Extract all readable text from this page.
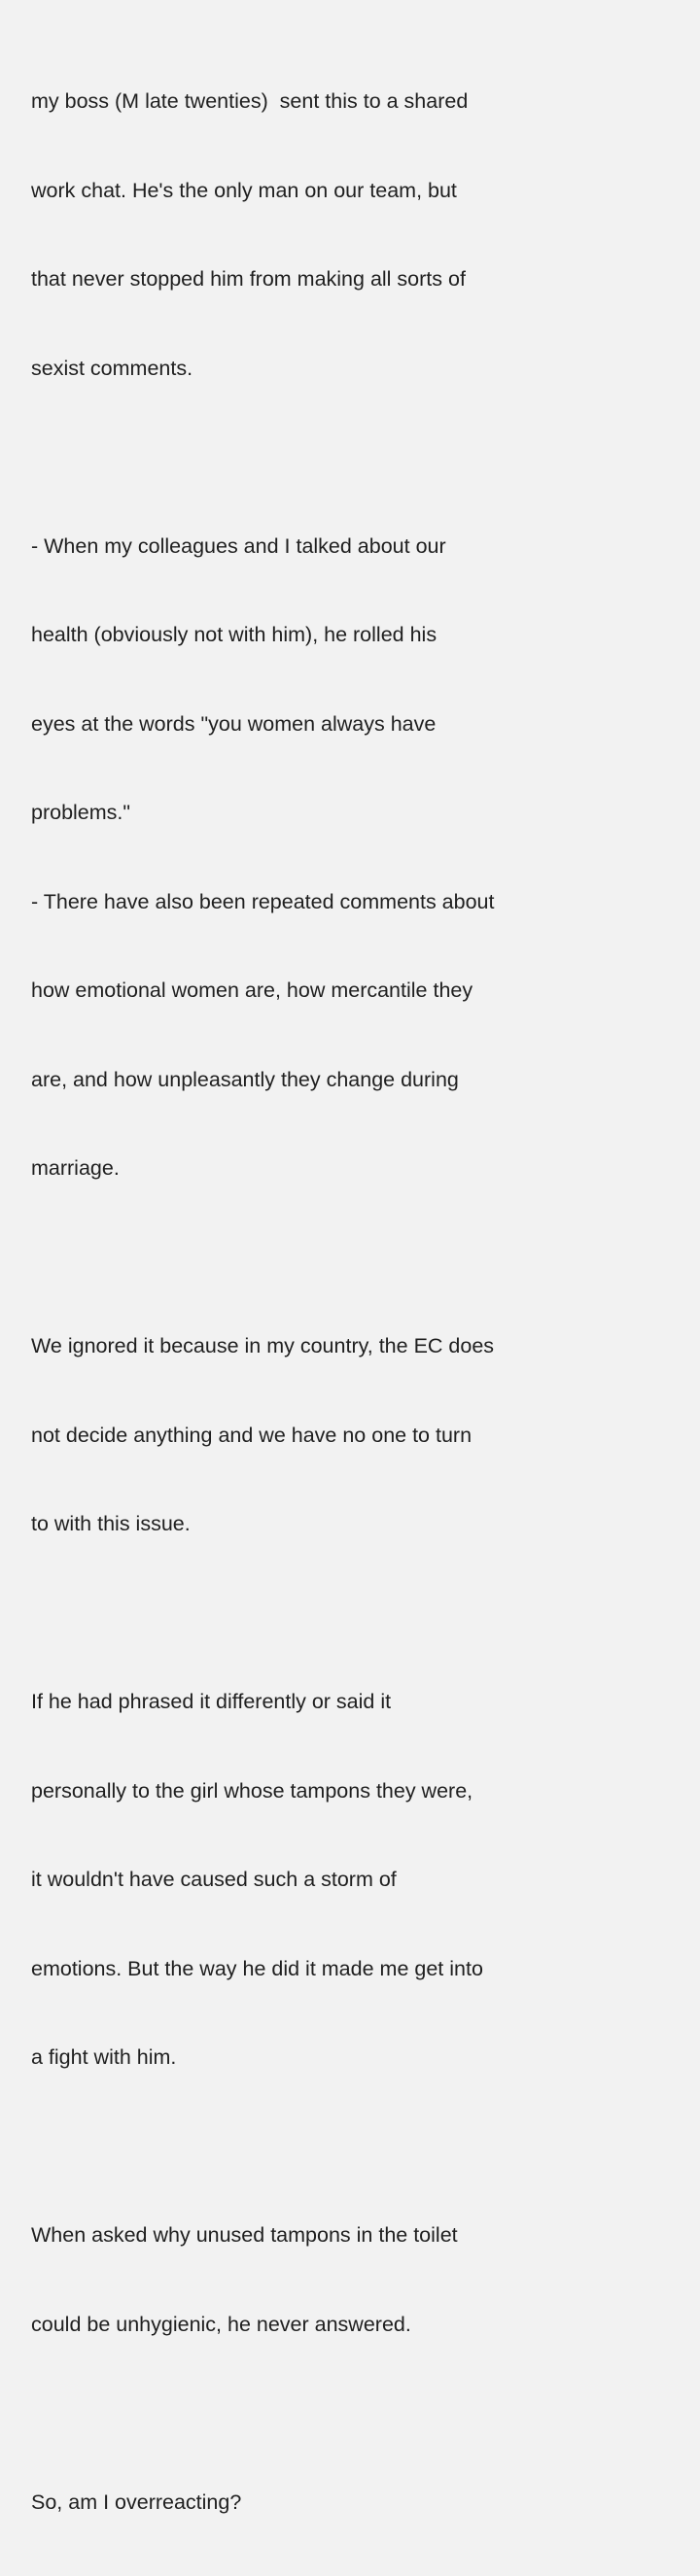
my boss (M late twenties)  sent this to a shared

work chat. He's the only man on our team, but

that never stopped him from making all sorts of

sexist comments.

- When my colleagues and I talked about our

health (obviously not with him), he rolled his

eyes at the words "you women always have

problems."

- There have also been repeated comments about

how emotional women are, how mercantile they

are, and how unpleasantly they change during

marriage.

We ignored it because in my country, the EC does

not decide anything and we have no one to turn

to with this issue.

If he had phrased it differently or said it

personally to the girl whose tampons they were,

it wouldn't have caused such a storm of

emotions. But the way he did it made me get into

a fight with him.

When asked why unused tampons in the toilet

could be unhygienic, he never answered.

So, am I overreacting?
